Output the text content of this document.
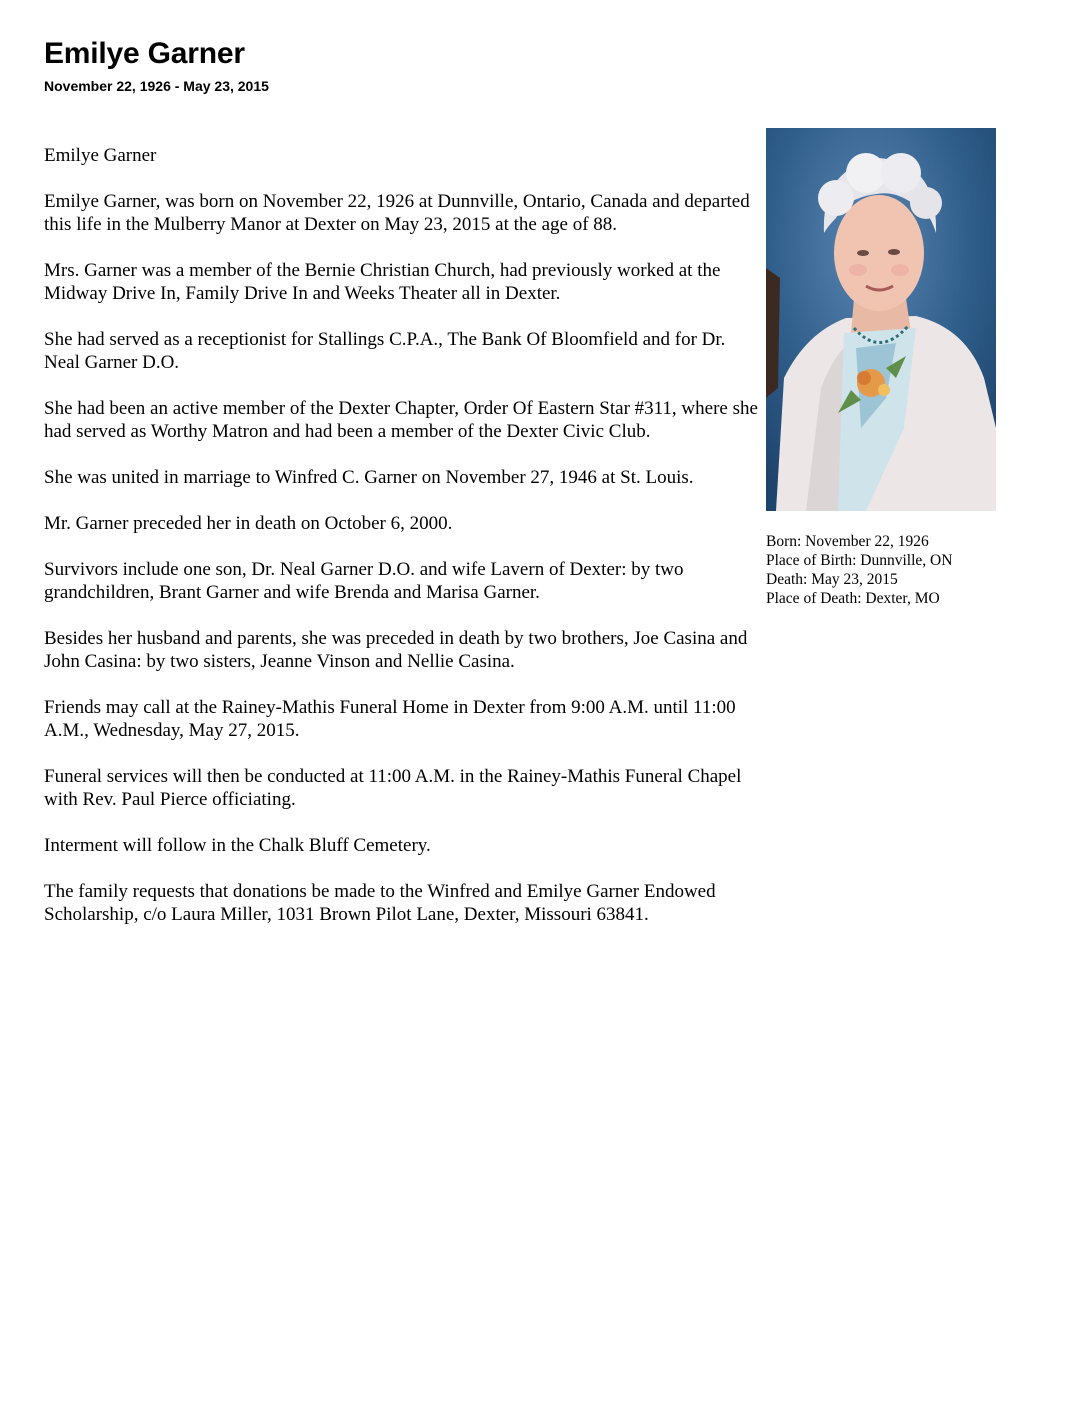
Emilye Garner
November 22, 1926 - May 23, 2015

Emilye Garner

Emilye Garner, was born on November 22, 1926 at Dunnville, Ontario, Canada and departed this life in the Mulberry Manor at Dexter on May 23, 2015 at the age of 88.

Mrs. Garner was a member of the Bernie Christian Church, had previously worked at the Midway Drive In, Family Drive In and Weeks Theater all in Dexter.

She had served as a receptionist for Stallings C.P.A., The Bank Of Bloomfield and for Dr. Neal Garner D.O.

She had been an active member of the Dexter Chapter, Order Of Eastern Star #311, where she had served as Worthy Matron and had been a member of the Dexter Civic Club.

She was united in marriage to Winfred C. Garner on November 27, 1946 at St. Louis.

Mr. Garner preceded her in death on October 6, 2000.

Survivors include one son, Dr. Neal Garner D.O. and wife Lavern of Dexter: by two grandchildren, Brant Garner and wife Brenda and Marisa Garner.

Besides her husband and parents, she was preceded in death by two brothers, Joe Casina and John Casina: by two sisters, Jeanne Vinson and Nellie Casina.

Friends may call at the Rainey-Mathis Funeral Home in Dexter from 9:00 A.M. until 11:00 A.M., Wednesday, May 27, 2015.

Funeral services will then be conducted at 11:00 A.M. in the Rainey-Mathis Funeral Chapel with Rev. Paul Pierce officiating.

Interment will follow in the Chalk Bluff Cemetery.

The family requests that donations be made to the Winfred and Emilye Garner Endowed Scholarship, c/o Laura Miller, 1031 Brown Pilot Lane, Dexter, Missouri 63841.

Born: November 22, 1926
Place of Birth: Dunnville, ON
Death: May 23, 2015
Place of Death: Dexter, MO
